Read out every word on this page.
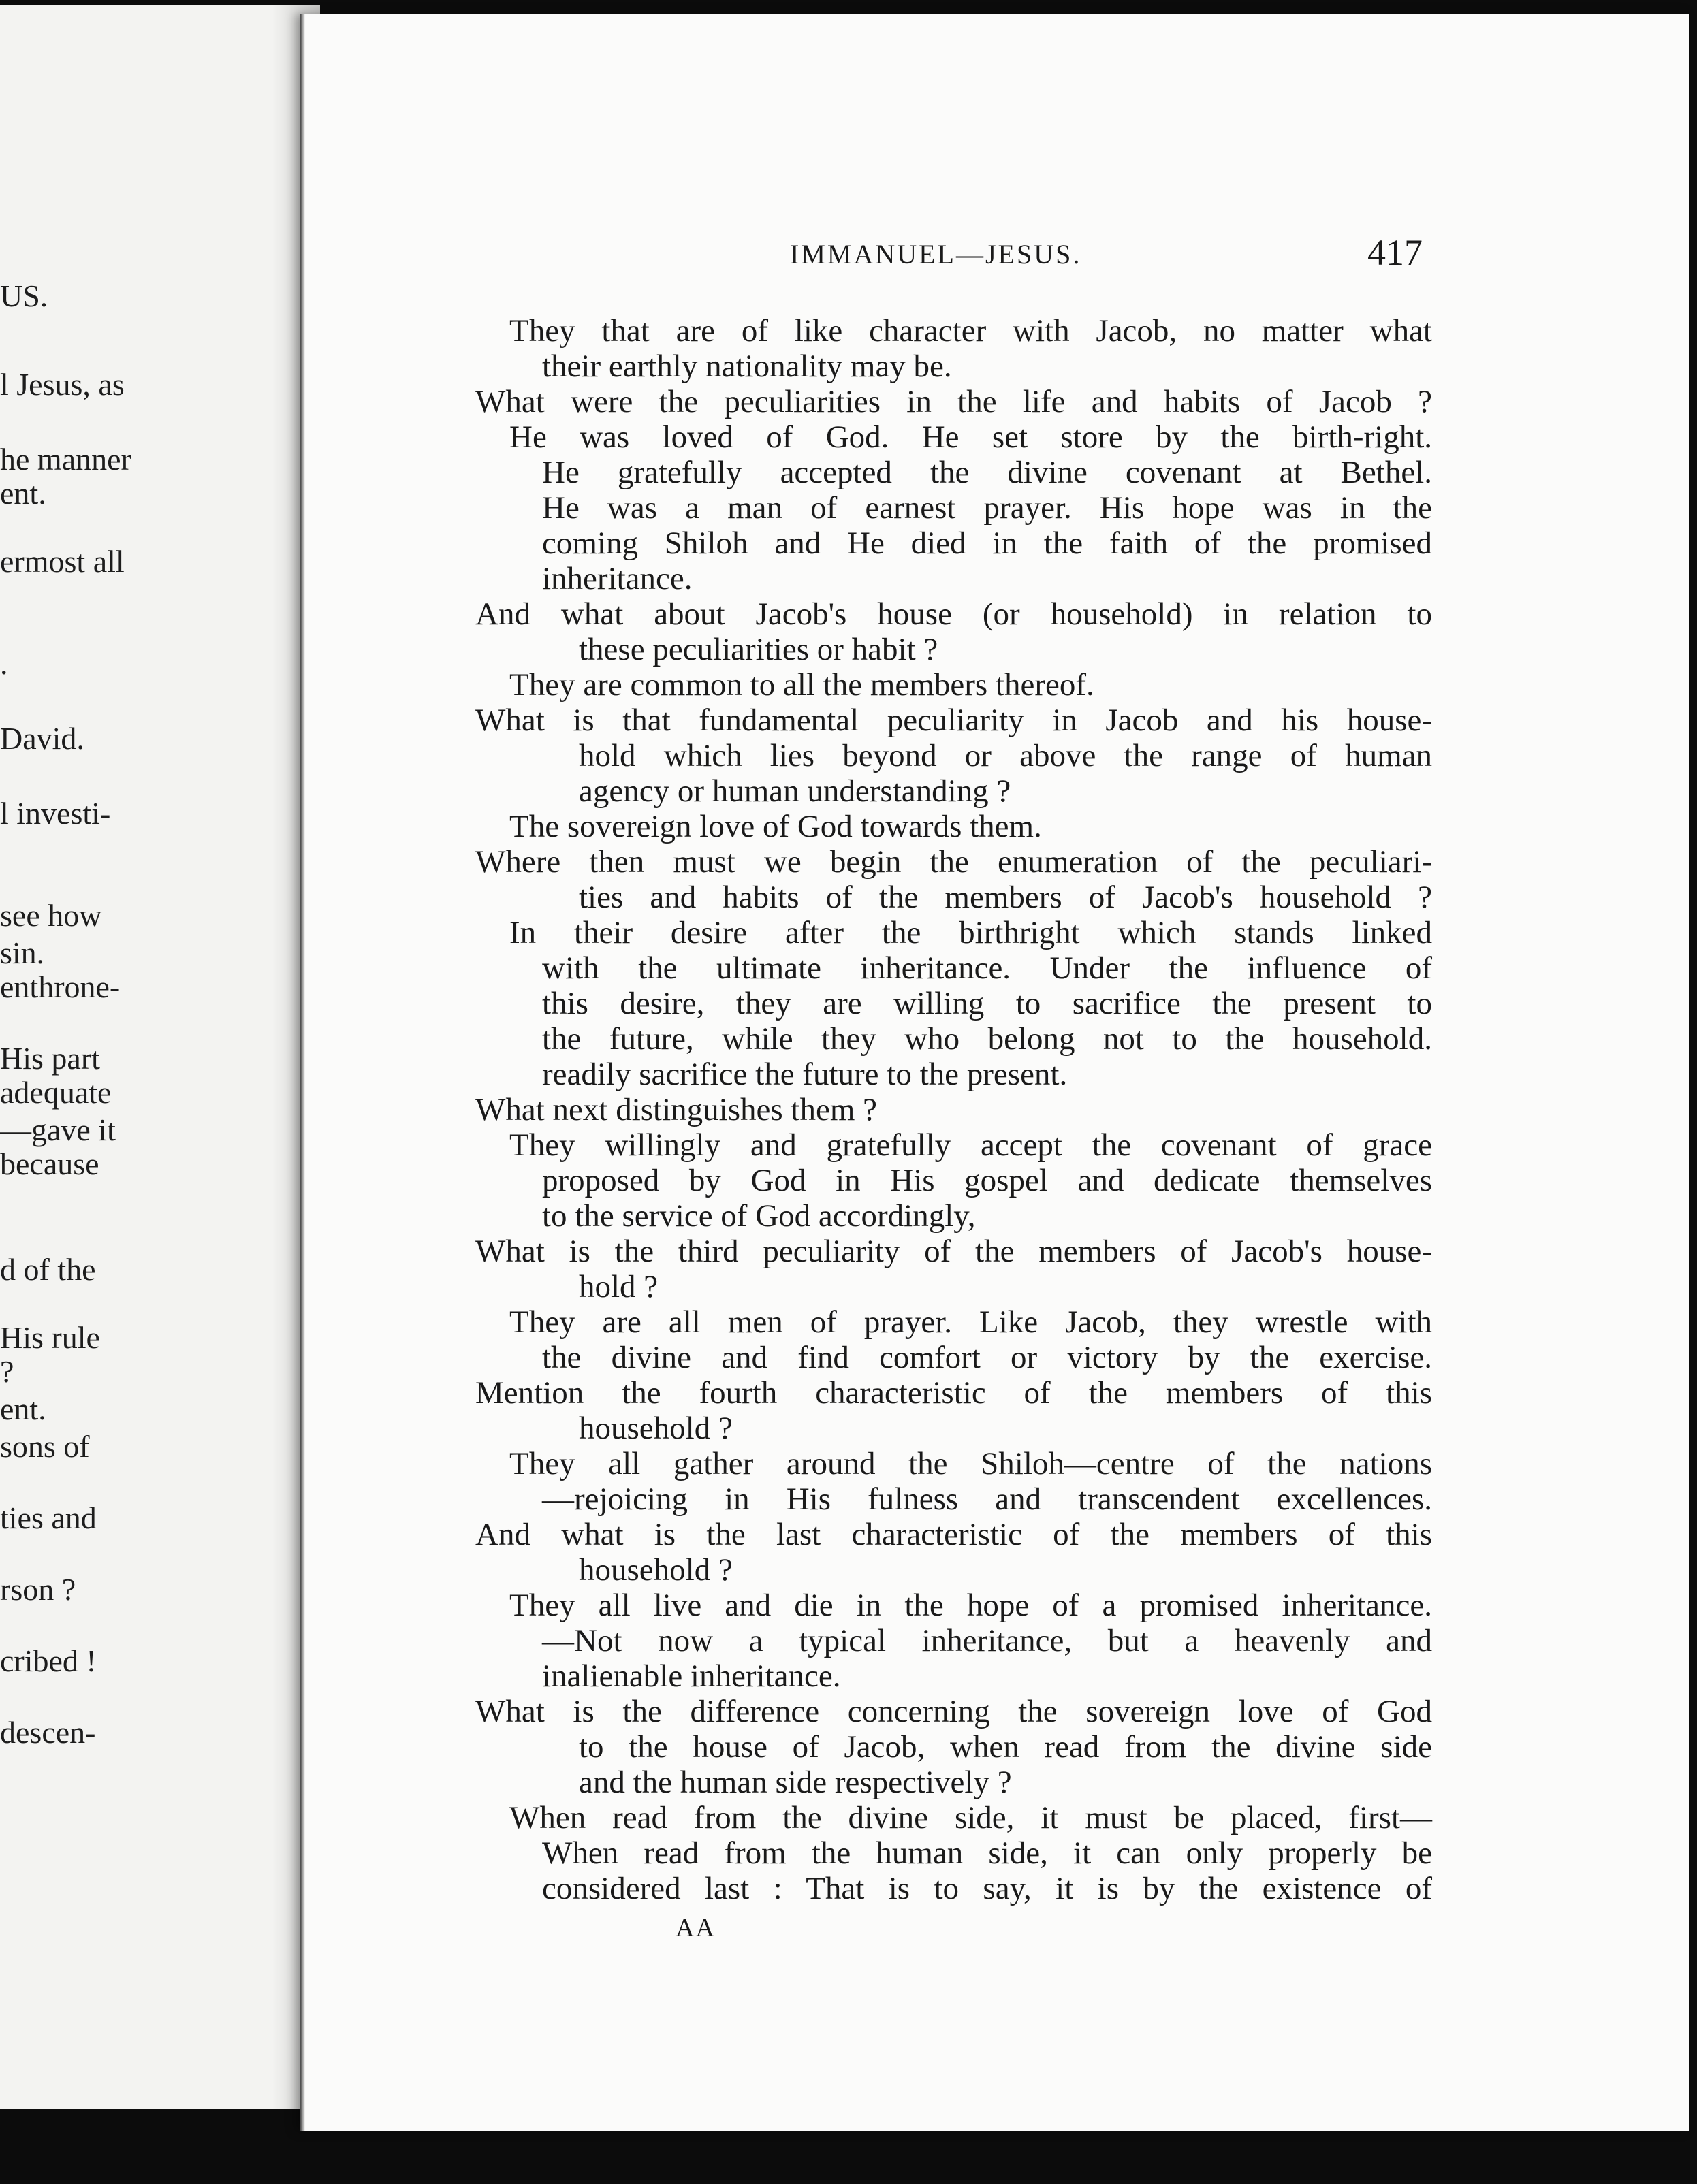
US.
l Jesus, as
he manner
ent.
ermost all
.
David.
l investi-
see how
sin.
enthrone-
His part
adequate
—gave it
because
d of the
His rule
?
ent.
sons of
ties and
rson ?
cribed !
descen-
IMMANUEL—JESUS.	417
They that are of like character with Jacob, no matter what
their earthly nationality may be.
What were the peculiarities in the life and habits of Jacob ?
He was loved of God. He set store by the birth-right.
He gratefully accepted the divine covenant at Bethel.
He was a man of earnest prayer. His hope was in the
coming Shiloh and He died in the faith of the promised
inheritance.
And what about Jacob's house (or household) in relation to
these peculiarities or habit ?
They are common to all the members thereof.
What is that fundamental peculiarity in Jacob and his house-
hold which lies beyond or above the range of human
agency or human understanding ?
The sovereign love of God towards them.
Where then must we begin the enumeration of the peculiari-
ties and habits of the members of Jacob's household ?
In their desire after the birthright which stands linked
with the ultimate inheritance. Under the influence of
this desire, they are willing to sacrifice the present to
the future, while they who belong not to the household.
readily sacrifice the future to the present.
What next distinguishes them ?
They willingly and gratefully accept the covenant of grace
proposed by God in His gospel and dedicate themselves
to the service of God accordingly,
What is the third peculiarity of the members of Jacob's house-
hold ?
They are all men of prayer. Like Jacob, they wrestle with
the divine and find comfort or victory by the exercise.
Mention the fourth characteristic of the members of this
household ?
They all gather around the Shiloh—centre of the nations
—rejoicing in His fulness and transcendent excellences.
And what is the last characteristic of the members of this
household ?
They all live and die in the hope of a promised inheritance.
—Not now a typical inheritance, but a heavenly and
inalienable inheritance.
What is the difference concerning the sovereign love of God
to the house of Jacob, when read from the divine side
and the human side respectively ?
When read from the divine side, it must be placed, first—
When read from the human side, it can only properly be
considered last : That is to say, it is by the existence of
AA
